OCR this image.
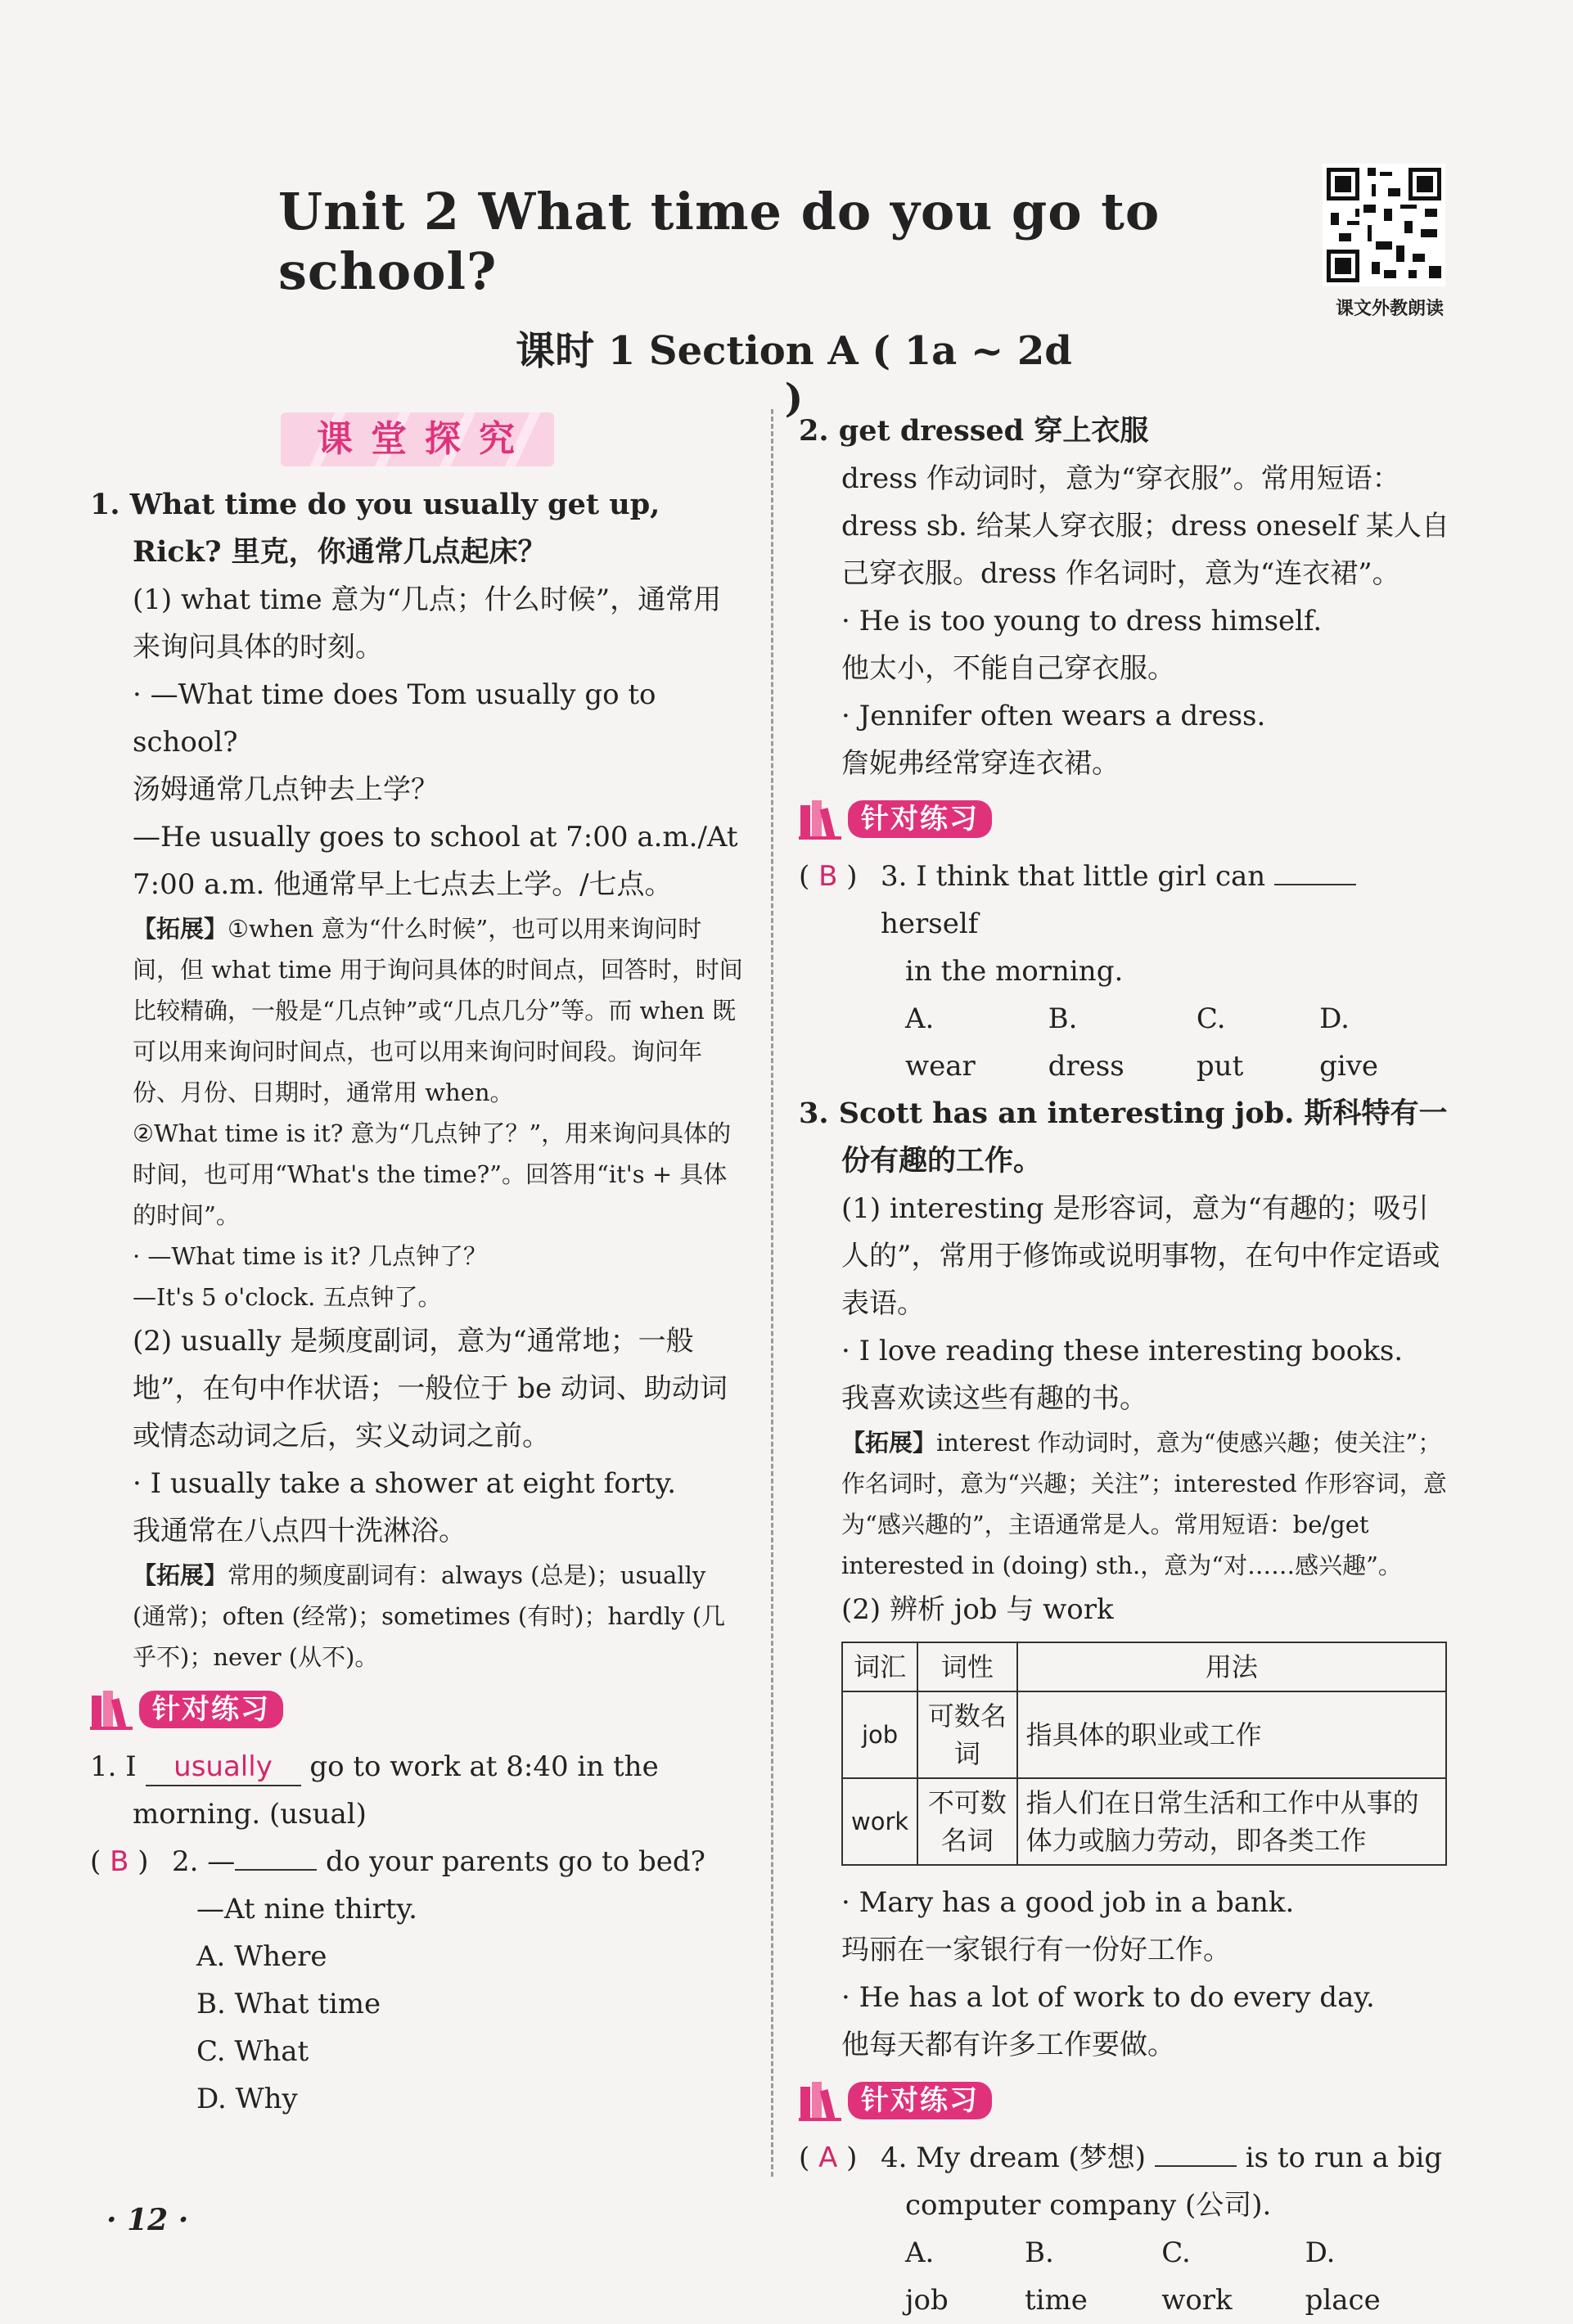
Unit 2 What time do you go to school?
课文外教朗读
课时 1 Section A ( 1a ~ 2d )
课堂探究
1. What time do you usually get up, Rick? 里克，你通常几点起床？
(1) what time 意为“几点；什么时候”，通常用来询问具体的时刻。
· —What time does Tom usually go to school?
汤姆通常几点钟去上学？
—He usually goes to school at 7:00 a.m./At 7:00 a.m. 他通常早上七点去上学。/七点。
【拓展】①when 意为“什么时候”，也可以用来询问时间，但 what time 用于询问具体的时间点，回答时，时间比较精确，一般是“几点钟”或“几点几分”等。而 when 既可以用来询问时间点，也可以用来询问时间段。询问年份、月份、日期时，通常用 when。
②What time is it? 意为“几点钟了？”，用来询问具体的时间，也可用“What's the time?”。回答用“it's + 具体的时间”。
· —What time is it? 几点钟了？
—It's 5 o'clock. 五点钟了。
(2) usually 是频度副词，意为“通常地；一般地”，在句中作状语；一般位于 be 动词、助动词或情态动词之后，实义动词之前。
· I usually take a shower at eight forty.
我通常在八点四十洗淋浴。
【拓展】常用的频度副词有：always (总是)；usually (通常)；often (经常)；sometimes (有时)；hardly (几乎不)；never (从不)。
针对练习
1. I usually go to work at 8:40 in the
morning. (usual)
( B ) 2. —	do your parents go to bed?
—At nine thirty.
A. Where
B. What time
C. What
D. Why
2. get dressed 穿上衣服
dress 作动词时，意为“穿衣服”。常用短语：dress sb. 给某人穿衣服；dress oneself 某人自己穿衣服。dress 作名词时，意为“连衣裙”。
· He is too young to dress himself.
他太小，不能自己穿衣服。
· Jennifer often wears a dress.
詹妮弗经常穿连衣裙。
针对练习
( B ) 3. I think that little girl can  herself
in the morning.
A. wear
B. dress
C. put
D. give
3. Scott has an interesting job. 斯科特有一份有趣的工作。
(1) interesting 是形容词，意为“有趣的；吸引人的”，常用于修饰或说明事物，在句中作定语或表语。
· I love reading these interesting books.
我喜欢读这些有趣的书。
【拓展】interest 作动词时，意为“使感兴趣；使关注”；作名词时，意为“兴趣；关注”；interested 作形容词，意为“感兴趣的”，主语通常是人。常用短语：be/get interested in (doing) sth.，意为“对……感兴趣”。
(2) 辨析 job 与 work
词汇	词性	用法
job	可数名词	指具体的职业或工作
work	不可数名词	指人们在日常生活和工作中从事的体力或脑力劳动，即各类工作
· Mary has a good job in a bank.
玛丽在一家银行有一份好工作。
· He has a lot of work to do every day.
他每天都有许多工作要做。
针对练习
( A ) 4. My dream (梦想)	is to run a big
computer company (公司).
A. job
B. time
C. work
D. place
· 12 ·
